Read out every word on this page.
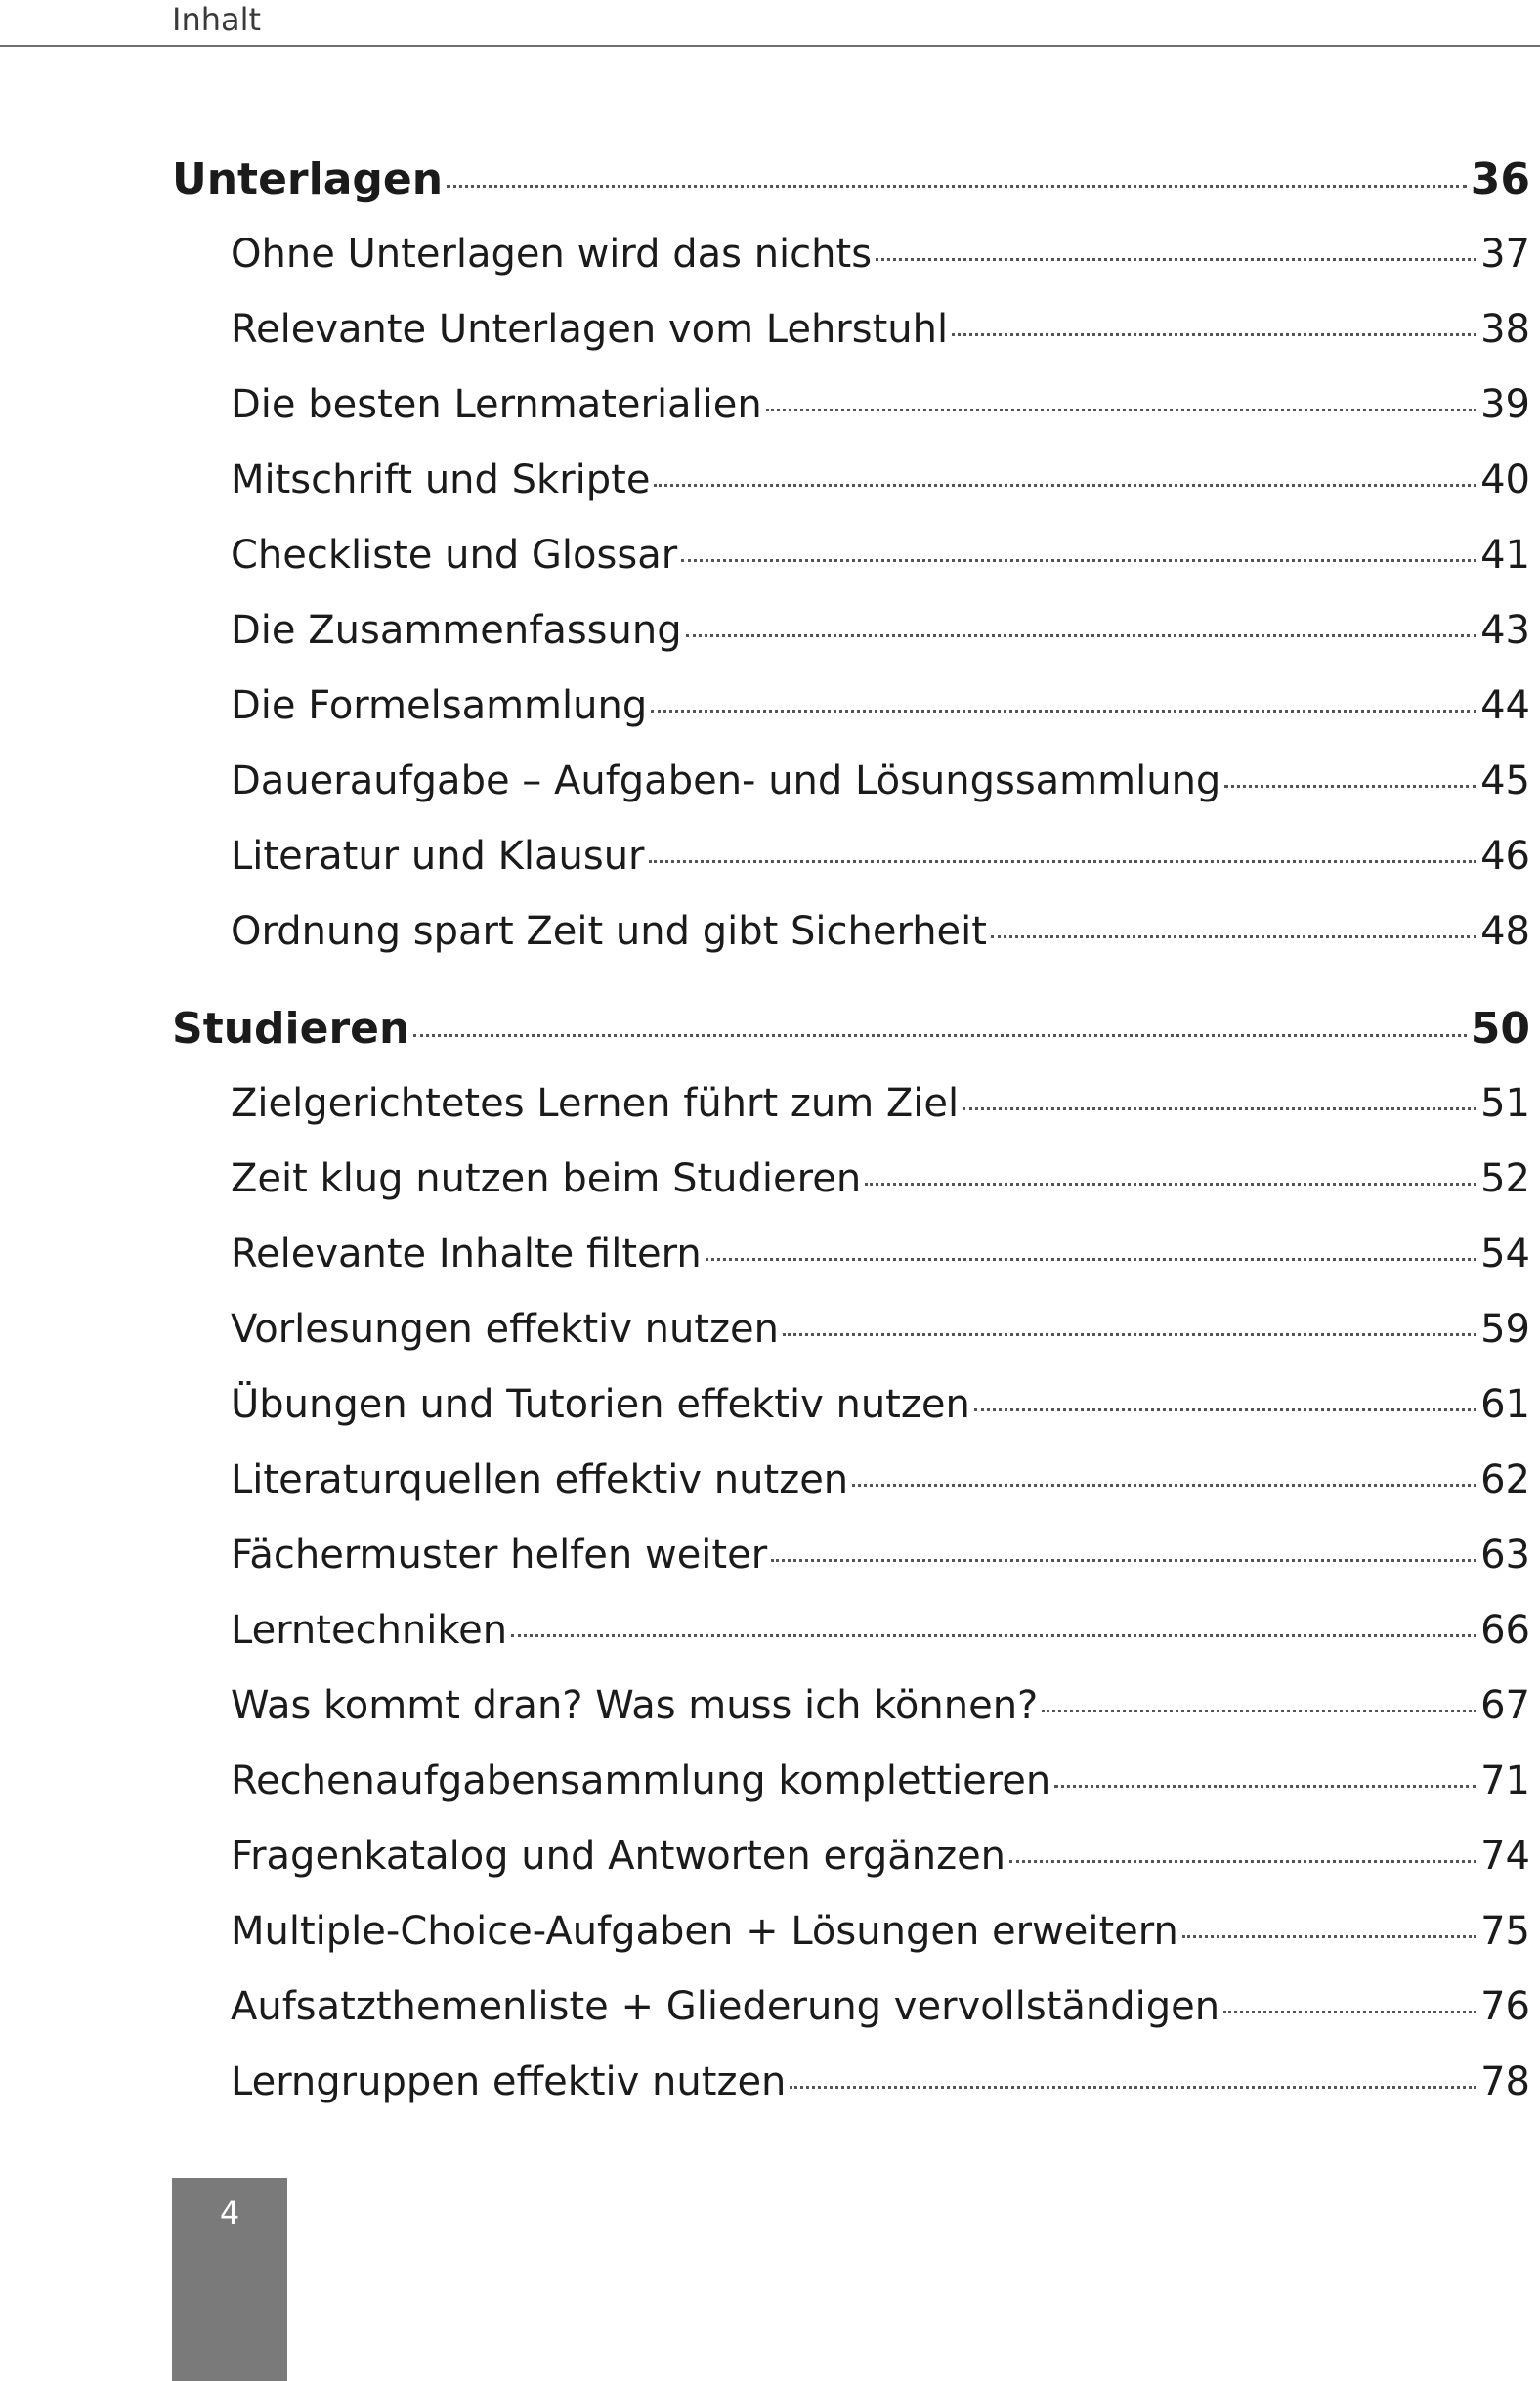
Inhalt
Unterlagen	36
Ohne Unterlagen wird das nichts	37
Relevante Unterlagen vom Lehrstuhl	38
Die besten Lernmaterialien	39
Mitschrift und Skripte	40
Checkliste und Glossar	41
Die Zusammenfassung	43
Die Formelsammlung	44
Daueraufgabe – Aufgaben- und Lösungssammlung	45
Literatur und Klausur	46
Ordnung spart Zeit und gibt Sicherheit	48
Studieren	50
Zielgerichtetes Lernen führt zum Ziel	51
Zeit klug nutzen beim Studieren	52
Relevante Inhalte filtern	54
Vorlesungen effektiv nutzen	59
Übungen und Tutorien effektiv nutzen	61
Literaturquellen effektiv nutzen	62
Fächermuster helfen weiter	63
Lerntechniken	66
Was kommt dran? Was muss ich können?	67
Rechenaufgabensammlung komplettieren	71
Fragenkatalog und Antworten ergänzen	74
Multiple-Choice-Aufgaben + Lösungen erweitern	75
Aufsatzthemenliste + Gliederung vervollständigen	76
Lerngruppen effektiv nutzen	78
4
